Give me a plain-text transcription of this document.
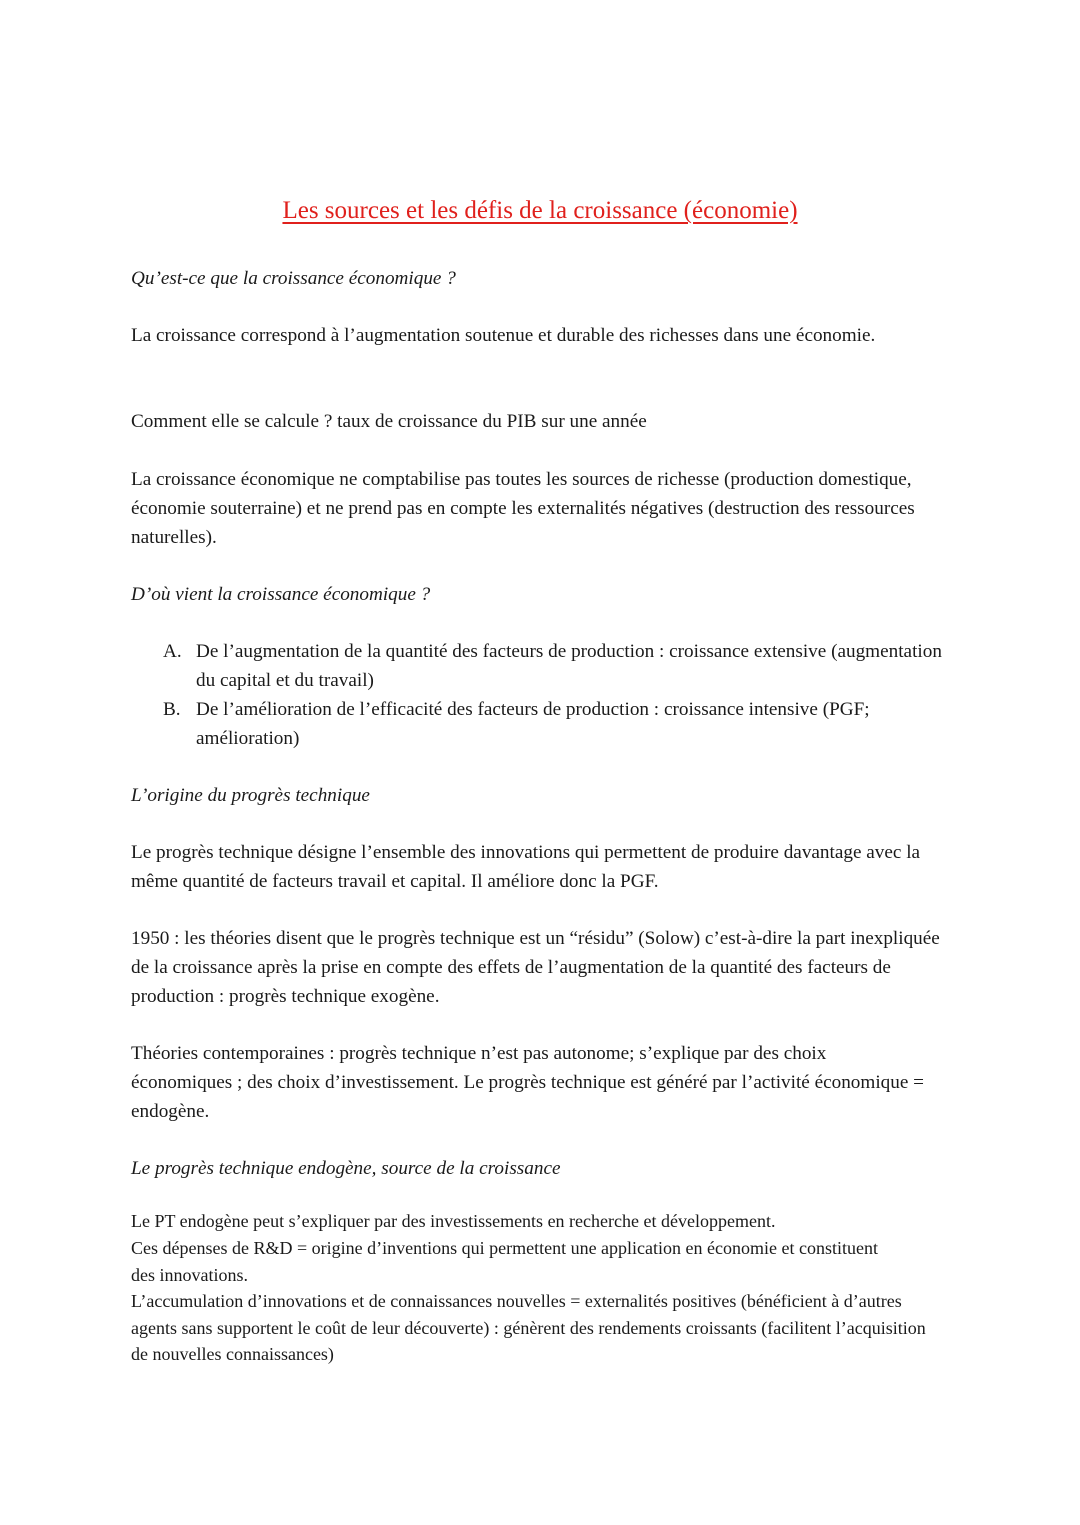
Les sources et les défis de la croissance (économie)

Qu’est-ce que la croissance économique ?

La croissance correspond à l’augmentation soutenue et durable des richesses dans une économie.

Comment elle se calcule ? taux de croissance du PIB sur une année

La croissance économique ne comptabilise pas toutes les sources de richesse (production domestique, économie souterraine) et ne prend pas en compte les externalités négatives (destruction des ressources naturelles).

D’où vient la croissance économique ?

A. De l’augmentation de la quantité des facteurs de production : croissance extensive (augmentation du capital et du travail)
B. De l’amélioration de l’efficacité des facteurs de production : croissance intensive (PGF; amélioration)

L’origine du progrès technique

Le progrès technique désigne l’ensemble des innovations qui permettent de produire davantage avec la même quantité de facteurs travail et capital. Il améliore donc la PGF.

1950 : les théories disent que le progrès technique est un “résidu” (Solow) c’est-à-dire la part inexpliquée de la croissance après la prise en compte des effets de l’augmentation de la quantité des facteurs de production : progrès technique exogène.

Théories contemporaines : progrès technique n’est pas autonome; s’explique par des choix économiques ; des choix d’investissement. Le progrès technique est généré par l’activité économique = endogène.

Le progrès technique endogène, source de la croissance

Le PT endogène peut s’expliquer par des investissements en recherche et développement.

Ces dépenses de R&D = origine d’inventions qui permettent une application en économie et constituent des innovations.

L’accumulation d’innovations et de connaissances nouvelles = externalités positives (bénéficient à d’autres agents sans supportent le coût de leur découverte) : génèrent des rendements croissants (facilitent l’acquisition de nouvelles connaissances)
